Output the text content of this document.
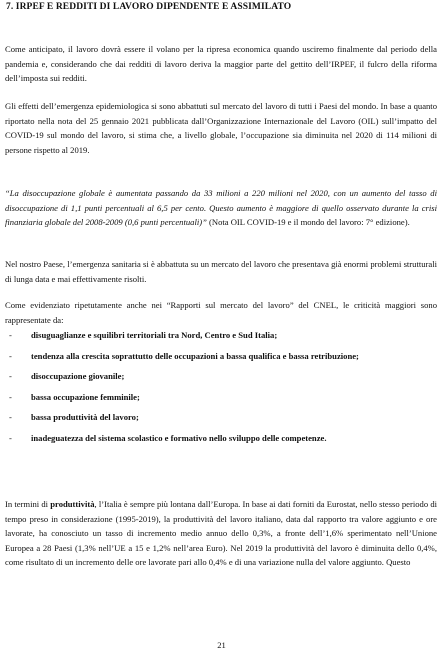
7. IRPEF E REDDITI DI LAVORO DIPENDENTE E ASSIMILATO

Come anticipato, il lavoro dovrà essere il volano per la ripresa economica quando usciremo finalmente dal periodo della pandemia e, considerando che dai redditi di lavoro deriva la maggior parte del gettito dell’IRPEF, il fulcro della riforma dell’imposta sui redditi.

Gli effetti dell’emergenza epidemiologica si sono abbattuti sul mercato del lavoro di tutti i Paesi del mondo. In base a quanto riportato nella nota del 25 gennaio 2021 pubblicata dall’Organizzazione Internazionale del Lavoro (OIL) sull’impatto del COVID-19 sul mondo del lavoro, si stima che, a livello globale, l’occupazione sia diminuita nel 2020 di 114 milioni di persone rispetto al 2019.

“La disoccupazione globale è aumentata passando da 33 milioni a 220 milioni nel 2020, con un aumento del tasso di disoccupazione di 1,1 punti percentuali al 6,5 per cento. Questo aumento è maggiore di quello osservato durante la crisi finanziaria globale del 2008-2009 (0,6 punti percentuali)” (Nota OIL COVID-19 e il mondo del lavoro: 7° edizione).

Nel nostro Paese, l’emergenza sanitaria si è abbattuta su un mercato del lavoro che presentava già enormi problemi strutturali di lunga data e mai effettivamente risolti.

Come evidenziato ripetutamente anche nei “Rapporti sul mercato del lavoro” del CNEL, le criticità maggiori sono rappresentate da:

- disuguaglianze e squilibri territoriali tra Nord, Centro e Sud Italia;
- tendenza alla crescita soprattutto delle occupazioni a bassa qualifica e bassa retribuzione;
- disoccupazione giovanile;
- bassa occupazione femminile;
- bassa produttività del lavoro;
- inadeguatezza del sistema scolastico e formativo nello sviluppo delle competenze.

In termini di produttività, l’Italia è sempre più lontana dall’Europa. In base ai dati forniti da Eurostat, nello stesso periodo di tempo preso in considerazione (1995-2019), la produttività del lavoro italiano, data dal rapporto tra valore aggiunto e ore lavorate, ha conosciuto un tasso di incremento medio annuo dello 0,3%, a fronte dell’1,6% sperimentato nell’Unione Europea a 28 Paesi (1,3% nell’UE a 15 e 1,2% nell’area Euro). Nel 2019 la produttività del lavoro è diminuita dello 0,4%, come risultato di un incremento delle ore lavorate pari allo 0,4% e di una variazione nulla del valore aggiunto. Questo

21
